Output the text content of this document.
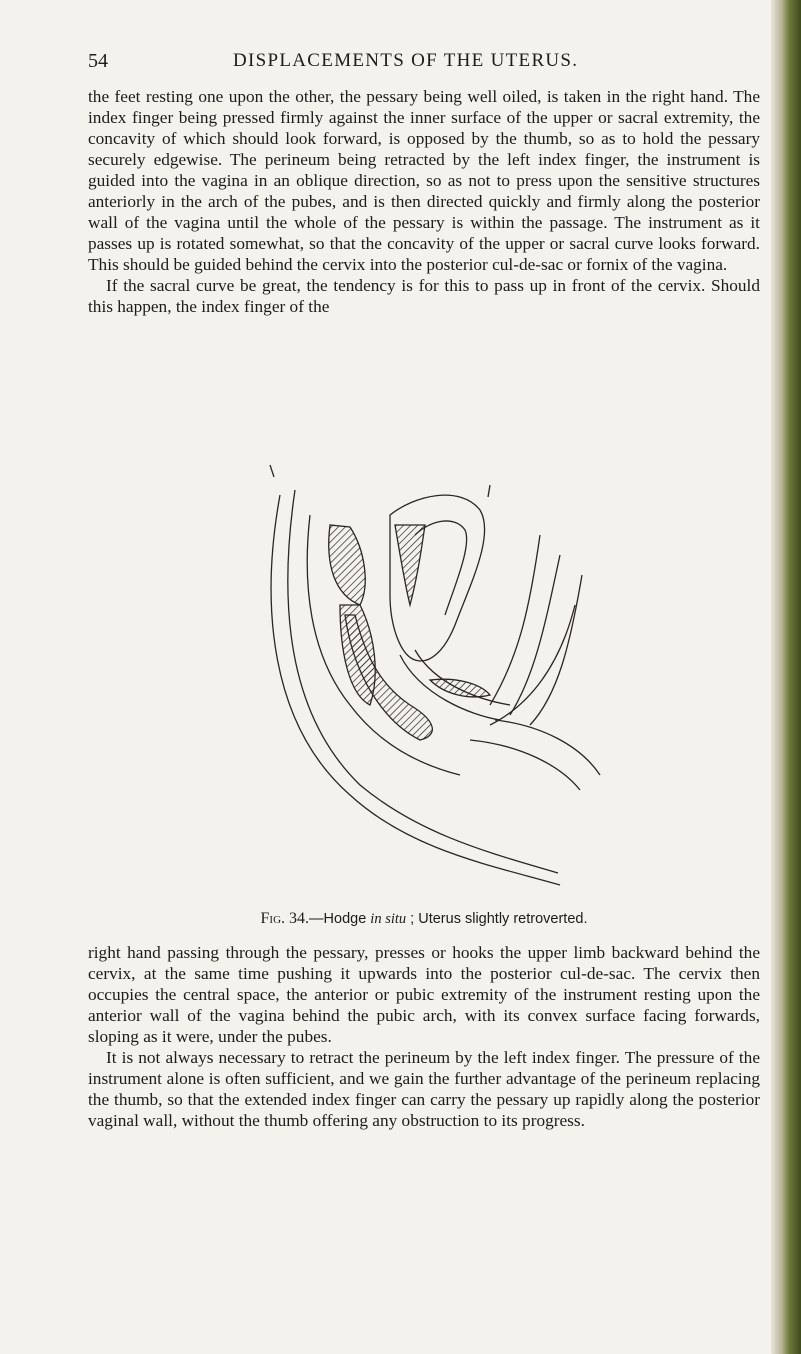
54	DISPLACEMENTS OF THE UTERUS.

the feet resting one upon the other, the pessary being well oiled, is taken in the right hand. The index finger being pressed firmly against the inner surface of the upper or sacral extremity, the concavity of which should look forward, is opposed by the thumb, so as to hold the pessary securely edgewise. The perineum being retracted by the left index finger, the instrument is guided into the vagina in an oblique direction, so as not to press upon the sensitive structures anteriorly in the arch of the pubes, and is then directed quickly and firmly along the posterior wall of the vagina until the whole of the pessary is within the passage. The instrument as it passes up is rotated somewhat, so that the concavity of the upper or sacral curve looks forward. This should be guided behind the cervix into the posterior cul-de-sac or fornix of the vagina.

If the sacral curve be great, the tendency is for this to pass up in front of the cervix. Should this happen, the index finger of the

Fig. 34.—Hodge in situ ; Uterus slightly retroverted.

right hand passing through the pessary, presses or hooks the upper limb backward behind the cervix, at the same time pushing it upwards into the posterior cul-de-sac. The cervix then occupies the central space, the anterior or pubic extremity of the instrument resting upon the anterior wall of the vagina behind the pubic arch, with its convex surface facing forwards, sloping as it were, under the pubes.

It is not always necessary to retract the perineum by the left index finger. The pressure of the instrument alone is often sufficient, and we gain the further advantage of the perineum replacing the thumb, so that the extended index finger can carry the pessary up rapidly along the posterior vaginal wall, without the thumb offering any obstruction to its progress.
